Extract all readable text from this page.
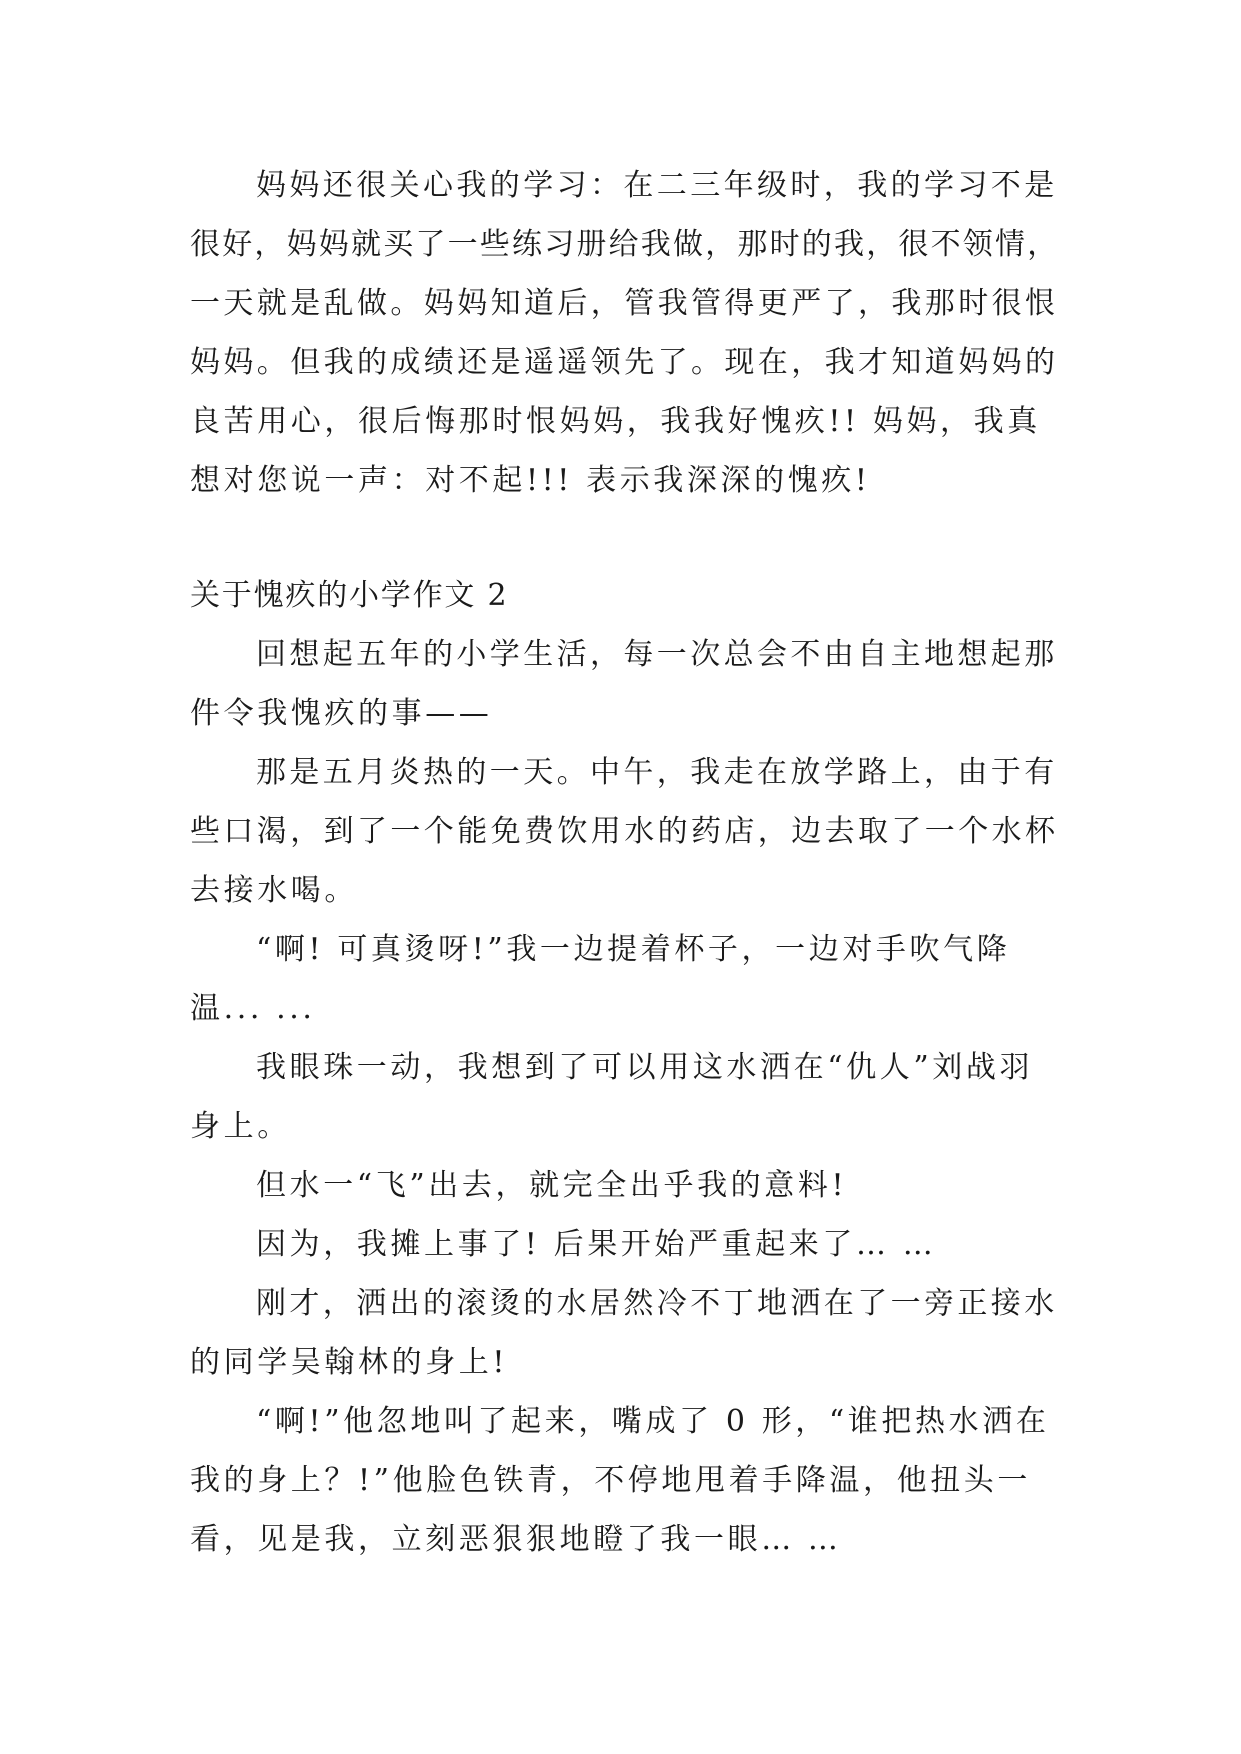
妈妈还很关心我的学习：在二三年级时，我的学习不是
很好，妈妈就买了一些练习册给我做，那时的我，很不领情，
一天就是乱做。妈妈知道后，管我管得更严了，我那时很恨
妈妈。但我的成绩还是遥遥领先了。现在，我才知道妈妈的
良苦用心，很后悔那时恨妈妈，我我好愧疚!! 妈妈，我真
想对您说一声：对不起!!! 表示我深深的愧疚!
关于愧疚的小学作文 2
回想起五年的小学生活，每一次总会不由自主地想起那
件令我愧疚的事——
那是五月炎热的一天。中午，我走在放学路上，由于有
些口渴，到了一个能免费饮用水的药店，边去取了一个水杯
去接水喝。
“啊! 可真烫呀!”我一边提着杯子，一边对手吹气降
温... ...
我眼珠一动，我想到了可以用这水洒在“仇人”刘战羽
身上。
但水一“飞”出去，就完全出乎我的意料!
因为，我摊上事了! 后果开始严重起来了… …
刚才，洒出的滚烫的水居然冷不丁地洒在了一旁正接水
的同学吴翰林的身上!
“啊!”他忽地叫了起来，嘴成了 0 形，“谁把热水洒在
我的身上？!”他脸色铁青，不停地甩着手降温，他扭头一
看，见是我，立刻恶狠狠地瞪了我一眼… …
